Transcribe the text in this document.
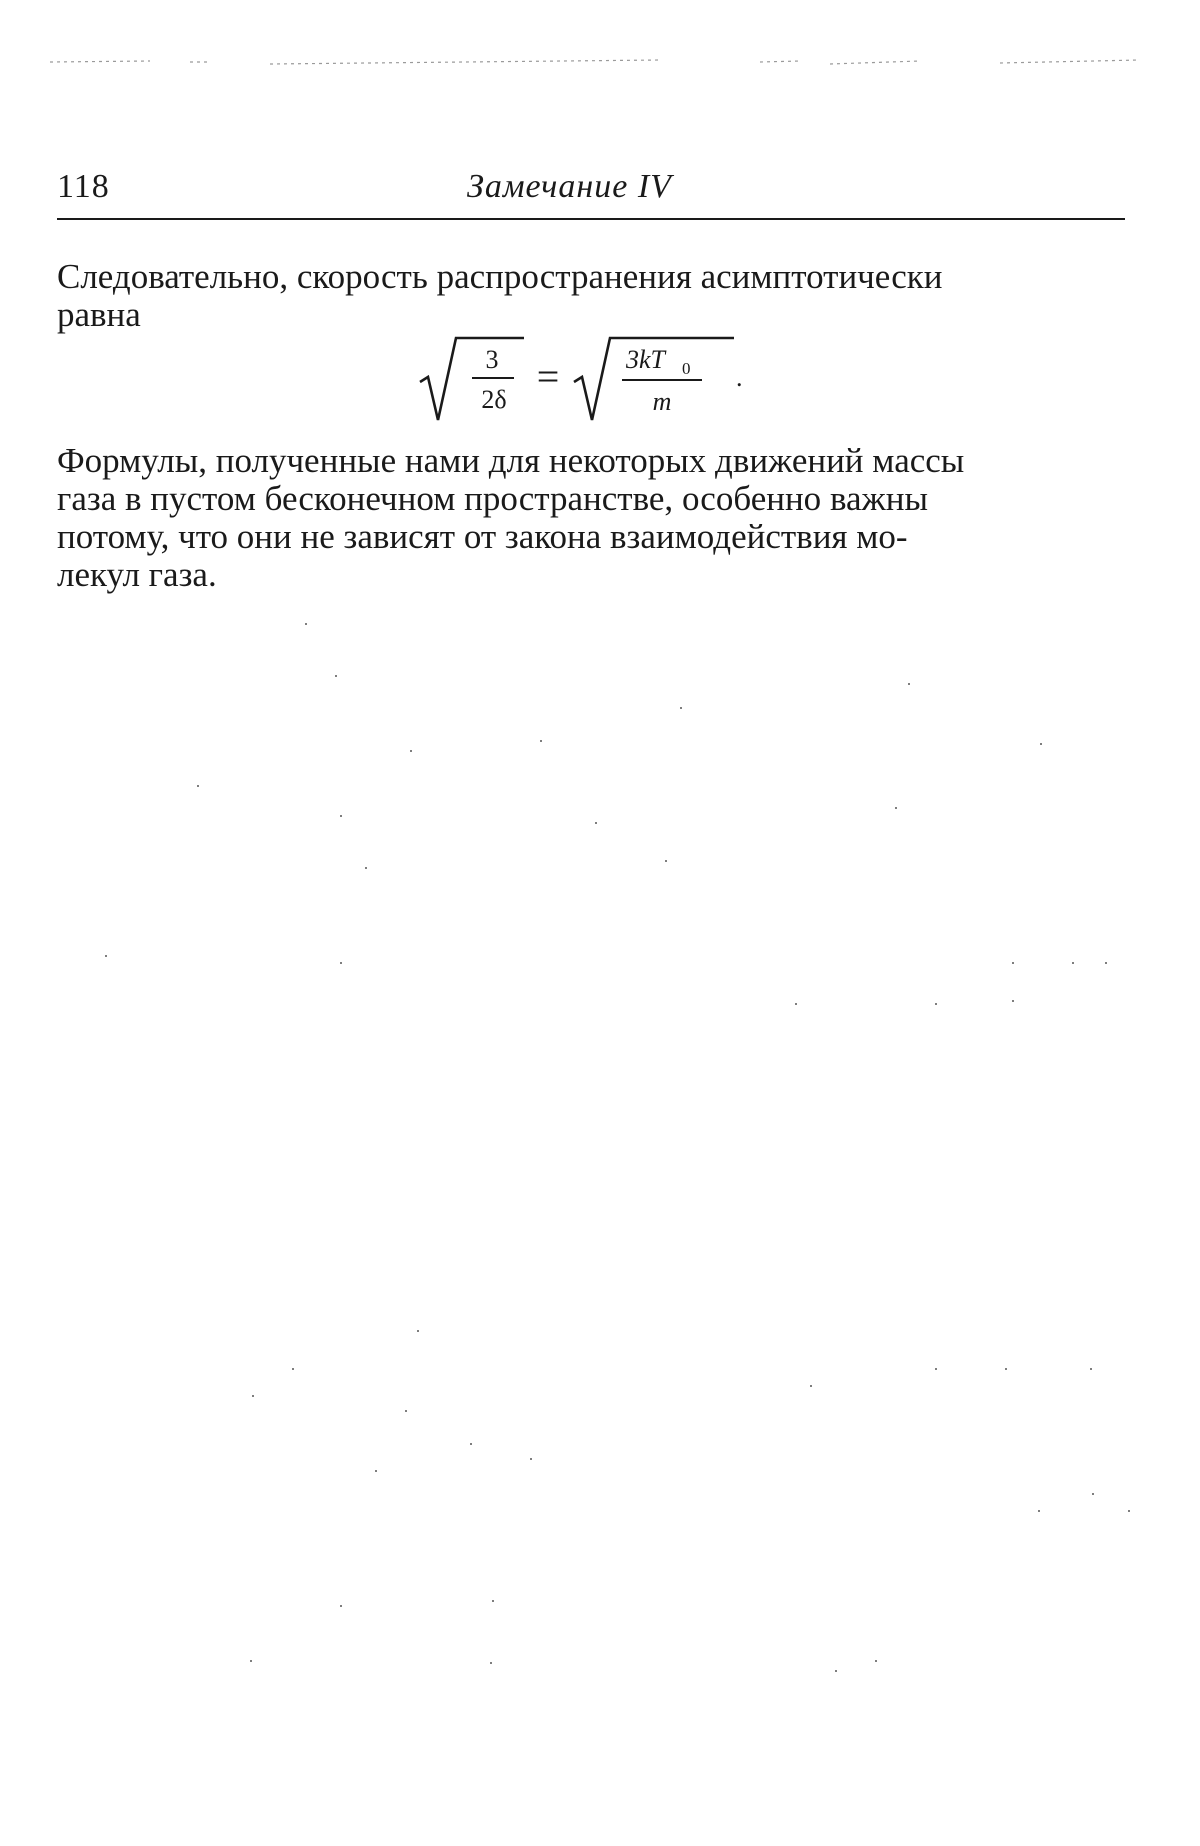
118	Замечание IV
Следовательно, скорость распространения асимптотически
равна
3
2δ
=	3kT 0
m
.
Формулы, полученные нами для некоторых движений массы
газа в пустом бесконечном пространстве, особенно важны
потому, что они не зависят от закона взаимодействия мо-
лекул газа.
